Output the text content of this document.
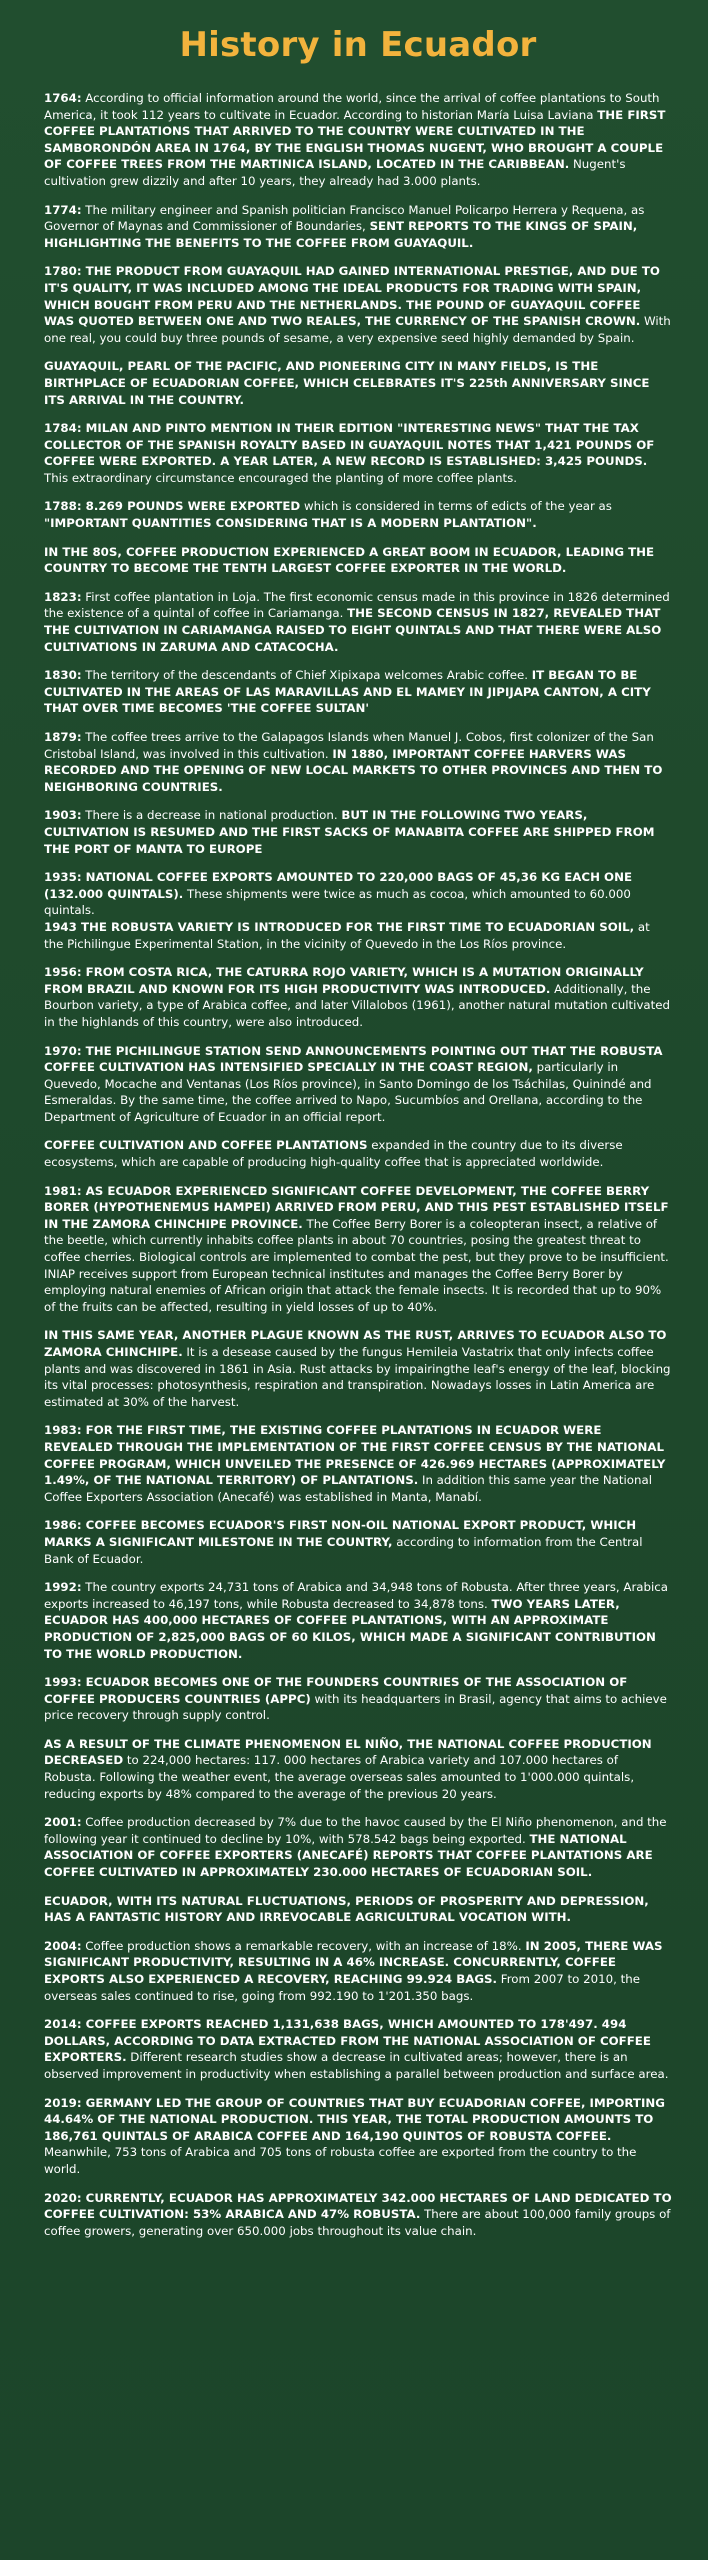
History in Ecuador

1764: According to official information around the world, since the arrival of coffee plantations to South America, it took 112 years to cultivate in Ecuador. According to historian María Luisa Laviana THE FIRST COFFEE PLANTATIONS THAT ARRIVED TO THE COUNTRY WERE CULTIVATED IN THE SAMBORONDÓN AREA IN 1764, BY THE ENGLISH THOMAS NUGENT, WHO BROUGHT A COUPLE OF COFFEE TREES FROM THE MARTINICA ISLAND, LOCATED IN THE CARIBBEAN. Nugent's cultivation grew dizzily and after 10 years, they already had 3.000 plants.

1774: The military engineer and Spanish politician Francisco Manuel Policarpo Herrera y Requena, as Governor of Maynas and Commissioner of Boundaries, SENT REPORTS TO THE KINGS OF SPAIN, HIGHLIGHTING THE BENEFITS TO THE COFFEE FROM GUAYAQUIL.

1780: THE PRODUCT FROM GUAYAQUIL HAD GAINED INTERNATIONAL PRESTIGE, AND DUE TO IT'S QUALITY, IT WAS INCLUDED AMONG THE IDEAL PRODUCTS FOR TRADING WITH SPAIN, WHICH BOUGHT FROM PERU AND THE NETHERLANDS. THE POUND OF GUAYAQUIL COFFEE WAS QUOTED BETWEEN ONE AND TWO REALES, THE CURRENCY OF THE SPANISH CROWN. With one real, you could buy three pounds of sesame, a very expensive seed highly demanded by Spain.

GUAYAQUIL, PEARL OF THE PACIFIC, AND PIONEERING CITY IN MANY FIELDS, IS THE BIRTHPLACE OF ECUADORIAN COFFEE, WHICH CELEBRATES IT'S 225th ANNIVERSARY SINCE ITS ARRIVAL IN THE COUNTRY.

1784: MILAN AND PINTO MENTION IN THEIR EDITION "INTERESTING NEWS" THAT THE TAX COLLECTOR OF THE SPANISH ROYALTY BASED IN GUAYAQUIL NOTES THAT 1,421 POUNDS OF COFFEE WERE EXPORTED. A YEAR LATER, A NEW RECORD IS ESTABLISHED: 3,425 POUNDS. This extraordinary circumstance encouraged the planting of more coffee plants.

1788: 8.269 POUNDS WERE EXPORTED which is considered in terms of edicts of the year as "IMPORTANT QUANTITIES CONSIDERING THAT IS A MODERN PLANTATION".

IN THE 80S, COFFEE PRODUCTION EXPERIENCED A GREAT BOOM IN ECUADOR, LEADING THE COUNTRY TO BECOME THE TENTH LARGEST COFFEE EXPORTER IN THE WORLD.

1823: First coffee plantation in Loja. The first economic census made in this province in 1826 determined the existence of a quintal of coffee in Cariamanga. THE SECOND CENSUS IN 1827, REVEALED THAT THE CULTIVATION IN CARIAMANGA RAISED TO EIGHT QUINTALS AND THAT THERE WERE ALSO CULTIVATIONS IN ZARUMA AND CATACOCHA.

1830: The territory of the descendants of Chief Xipixapa welcomes Arabic coffee. IT BEGAN TO BE CULTIVATED IN THE AREAS OF LAS MARAVILLAS AND EL MAMEY IN JIPIJAPA CANTON, A CITY THAT OVER TIME BECOMES 'THE COFFEE SULTAN'

1879: The coffee trees arrive to the Galapagos Islands when Manuel J. Cobos, first colonizer of the San Cristobal Island, was involved in this cultivation. IN 1880, IMPORTANT COFFEE HARVERS WAS RECORDED AND THE OPENING OF NEW LOCAL MARKETS TO OTHER PROVINCES AND THEN TO NEIGHBORING COUNTRIES.

1903: There is a decrease in national production. BUT IN THE FOLLOWING TWO YEARS, CULTIVATION IS RESUMED AND THE FIRST SACKS OF MANABITA COFFEE ARE SHIPPED FROM THE PORT OF MANTA TO EUROPE

1935: NATIONAL COFFEE EXPORTS AMOUNTED TO 220,000 BAGS OF 45,36 KG EACH ONE (132.000 QUINTALS). These shipments were twice as much as cocoa, which amounted to 60.000 quintals.

1943 THE ROBUSTA VARIETY IS INTRODUCED FOR THE FIRST TIME TO ECUADORIAN SOIL, at the Pichilingue Experimental Station, in the vicinity of Quevedo in the Los Ríos province.

1956: FROM COSTA RICA, THE CATURRA ROJO VARIETY, WHICH IS A MUTATION ORIGINALLY FROM BRAZIL AND KNOWN FOR ITS HIGH PRODUCTIVITY WAS INTRODUCED. Additionally, the Bourbon variety, a type of Arabica coffee, and later Villalobos (1961), another natural mutation cultivated in the highlands of this country, were also introduced.

1970: THE PICHILINGUE STATION SEND ANNOUNCEMENTS POINTING OUT THAT THE ROBUSTA COFFEE CULTIVATION HAS INTENSIFIED SPECIALLY IN THE COAST REGION, particularly in Quevedo, Mocache and Ventanas (Los Ríos province), in Santo Domingo de los Tsáchilas, Quinindé and Esmeraldas. By the same time, the coffee arrived to Napo, Sucumbíos and Orellana, according to the Department of Agriculture of Ecuador in an official report.

COFFEE CULTIVATION AND COFFEE PLANTATIONS expanded in the country due to its diverse ecosystems, which are capable of producing high-quality coffee that is appreciated worldwide.

1981: AS ECUADOR EXPERIENCED SIGNIFICANT COFFEE DEVELOPMENT, THE COFFEE BERRY BORER (HYPOTHENEMUS HAMPEI) ARRIVED FROM PERU, AND THIS PEST ESTABLISHED ITSELF IN THE ZAMORA CHINCHIPE PROVINCE. The Coffee Berry Borer is a coleopteran insect, a relative of the beetle, which currently inhabits coffee plants in about 70 countries, posing the greatest threat to coffee cherries. Biological controls are implemented to combat the pest, but they prove to be insufficient. INIAP receives support from European technical institutes and manages the Coffee Berry Borer by employing natural enemies of African origin that attack the female insects. It is recorded that up to 90% of the fruits can be affected, resulting in yield losses of up to 40%.

IN THIS SAME YEAR, ANOTHER PLAGUE KNOWN AS THE RUST, ARRIVES TO ECUADOR ALSO TO ZAMORA CHINCHIPE. It is a desease caused by the fungus Hemileia Vastatrix that only infects coffee plants and was discovered in 1861 in Asia. Rust attacks by impairingthe leaf's energy of the leaf, blocking its vital processes: photosynthesis, respiration and transpiration. Nowadays losses in Latin America are estimated at 30% of the harvest.

1983: FOR THE FIRST TIME, THE EXISTING COFFEE PLANTATIONS IN ECUADOR WERE REVEALED THROUGH THE IMPLEMENTATION OF THE FIRST COFFEE CENSUS BY THE NATIONAL COFFEE PROGRAM, WHICH UNVEILED THE PRESENCE OF 426.969 HECTARES (APPROXIMATELY 1.49%, OF THE NATIONAL TERRITORY) OF PLANTATIONS. In addition this same year the National Coffee Exporters Association (Anecafé) was established in Manta, Manabí.

1986: COFFEE BECOMES ECUADOR'S FIRST NON-OIL NATIONAL EXPORT PRODUCT, WHICH MARKS A SIGNIFICANT MILESTONE IN THE COUNTRY, according to information from the Central Bank of Ecuador.

1992: The country exports 24,731 tons of Arabica and 34,948 tons of Robusta. After three years, Arabica exports increased to 46,197 tons, while Robusta decreased to 34,878 tons. TWO YEARS LATER, ECUADOR HAS 400,000 HECTARES OF COFFEE PLANTATIONS, WITH AN APPROXIMATE PRODUCTION OF 2,825,000 BAGS OF 60 KILOS, WHICH MADE A SIGNIFICANT CONTRIBUTION TO THE WORLD PRODUCTION.

1993: ECUADOR BECOMES ONE OF THE FOUNDERS COUNTRIES OF THE ASSOCIATION OF COFFEE PRODUCERS COUNTRIES (APPC) with its headquarters in Brasil, agency that aims to achieve price recovery through supply control.

AS A RESULT OF THE CLIMATE PHENOMENON EL NIÑO, THE NATIONAL COFFEE PRODUCTION DECREASED to 224,000 hectares: 117. 000 hectares of Arabica variety and 107.000 hectares of Robusta. Following the weather event, the average overseas sales amounted to 1'000.000 quintals, reducing exports by 48% compared to the average of the previous 20 years.

2001: Coffee production decreased by 7% due to the havoc caused by the El Niño phenomenon, and the following year it continued to decline by 10%, with 578.542 bags being exported. THE NATIONAL ASSOCIATION OF COFFEE EXPORTERS (ANECAFÉ) REPORTS THAT COFFEE PLANTATIONS ARE COFFEE CULTIVATED IN APPROXIMATELY 230.000 HECTARES OF ECUADORIAN SOIL.

ECUADOR, WITH ITS NATURAL FLUCTUATIONS, PERIODS OF PROSPERITY AND DEPRESSION, HAS A FANTASTIC HISTORY AND IRREVOCABLE AGRICULTURAL VOCATION WITH.

2004: Coffee production shows a remarkable recovery, with an increase of 18%. IN 2005, THERE WAS SIGNIFICANT PRODUCTIVITY, RESULTING IN A 46% INCREASE. CONCURRENTLY, COFFEE EXPORTS ALSO EXPERIENCED A RECOVERY, REACHING 99.924 BAGS. From 2007 to 2010, the overseas sales continued to rise, going from 992.190 to 1'201.350 bags.

2014: COFFEE EXPORTS REACHED 1,131,638 BAGS, WHICH AMOUNTED TO 178'497. 494 DOLLARS, ACCORDING TO DATA EXTRACTED FROM THE NATIONAL ASSOCIATION OF COFFEE EXPORTERS. Different research studies show a decrease in cultivated areas; however, there is an observed improvement in productivity when establishing a parallel between production and surface area.

2019: GERMANY LED THE GROUP OF COUNTRIES THAT BUY ECUADORIAN COFFEE, IMPORTING 44.64% OF THE NATIONAL PRODUCTION. THIS YEAR, THE TOTAL PRODUCTION AMOUNTS TO 186,761 QUINTALS OF ARABICA COFFEE AND 164,190 QUINTOS OF ROBUSTA COFFEE. Meanwhile, 753 tons of Arabica and 705 tons of robusta coffee are exported from the country to the world.

2020: CURRENTLY, ECUADOR HAS APPROXIMATELY 342.000 HECTARES OF LAND DEDICATED TO COFFEE CULTIVATION: 53% ARABICA AND 47% ROBUSTA. There are about 100,000 family groups of coffee growers, generating over 650.000 jobs throughout its value chain.
